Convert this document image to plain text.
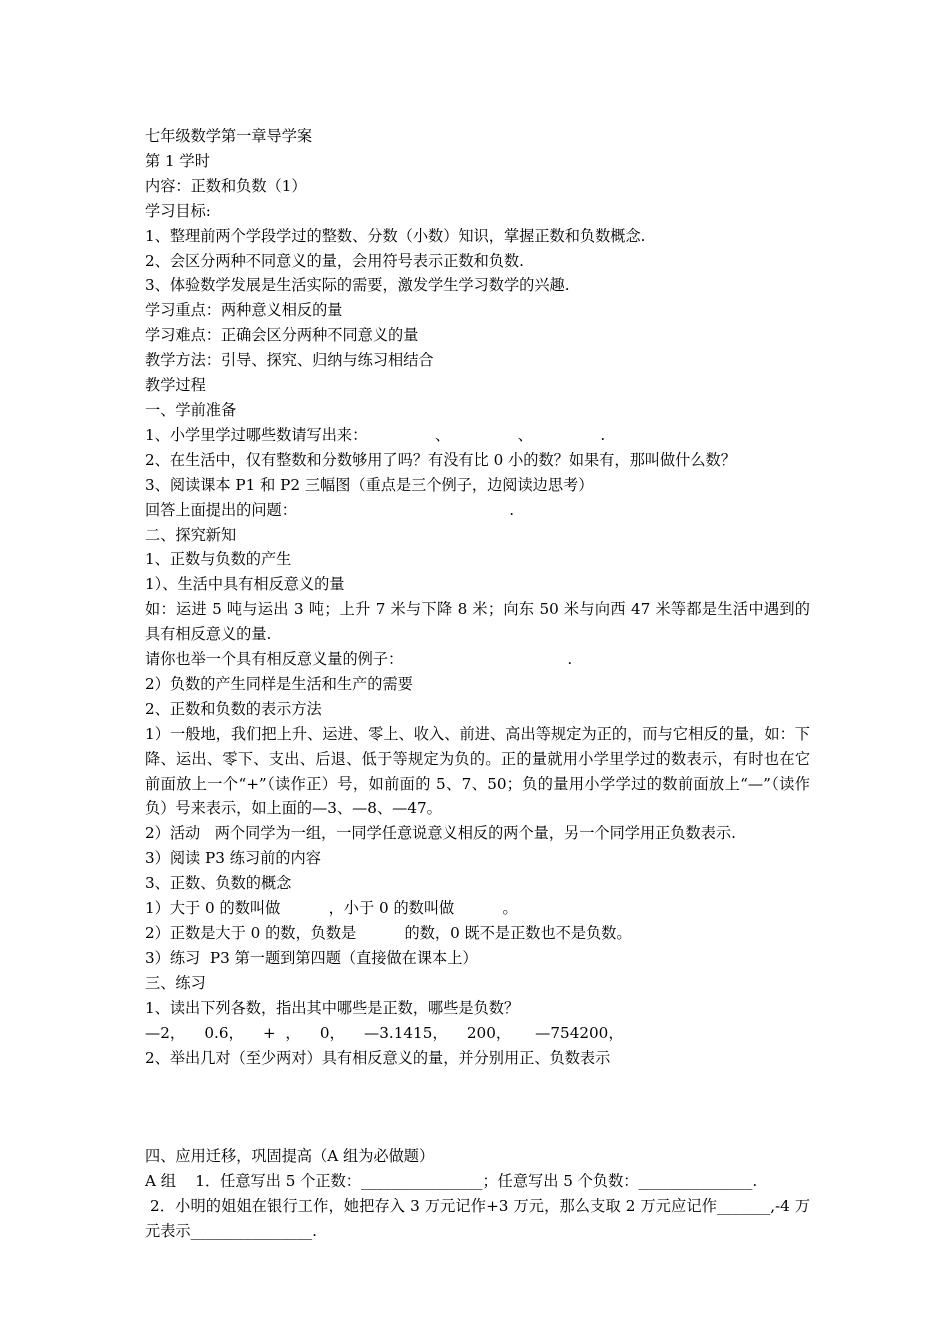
七年级数学第一章导学案
第 1 学时
内容：正数和负数（1）
学习目标:
1、整理前两个学段学过的整数、分数（小数）知识，掌握正数和负数概念.
2、会区分两种不同意义的量，会用符号表示正数和负数.
3、体验数学发展是生活实际的需要，激发学生学习数学的兴趣.
学习重点：两种意义相反的量
学习难点：正确会区分两种不同意义的量
教学方法：引导、探究、归纳与练习相结合
教学过程
一、学前准备
1、小学里学过哪些数请写出来：              、              、              .
2、在生活中，仅有整数和分数够用了吗？有没有比 0 小的数？如果有，那叫做什么数？
3、阅读课本 P1 和 P2 三幅图（重点是三个例子，边阅读边思考）
回答上面提出的问题：                                            .
二、探究新知
1、正数与负数的产生
1）、生活中具有相反意义的量
如：运进 5 吨与运出 3 吨；上升 7 米与下降 8 米；向东 50 米与向西 47 米等都是生活中遇到的具有相反意义的量.
请你也举一个具有相反意义量的例子：                                  .
2）负数的产生同样是生活和生产的需要
2、正数和负数的表示方法
1）一般地，我们把上升、运进、零上、收入、前进、高出等规定为正的，而与它相反的量，如：下降、运出、零下、支出、后退、低于等规定为负的。正的量就用小学里学过的数表示，有时也在它前面放上一个“+”（读作正）号，如前面的 5、7、50；负的量用小学学过的数前面放上“—”（读作负）号来表示，如上面的—3、—8、—47。
2）活动   两个同学为一组，一同学任意说意义相反的两个量，另一个同学用正负数表示.
3）阅读 P3 练习前的内容
3、正数、负数的概念
1）大于 0 的数叫做          ，小于 0 的数叫做          。
2）正数是大于 0 的数，负数是          的数，0 既不是正数也不是负数。
3）练习  P3 第一题到第四题（直接做在课本上）
三、练习
1、读出下列各数，指出其中哪些是正数，哪些是负数？
—2，    0.6，    +  ，    0，    —3.1415，    200，     —754200，
2、举出几对（至少两对）具有相反意义的量，并分别用正、负数表示
四、应用迁移，巩固提高（A 组为必做题）
A 组    1．任意写出 5 个正数：________________；任意写出 5 个负数：_______________.
2．小明的姐姐在银行工作，她把存入 3 万元记作+3 万元，那么支取 2 万元应记作_______,-4 万元表示________________.
